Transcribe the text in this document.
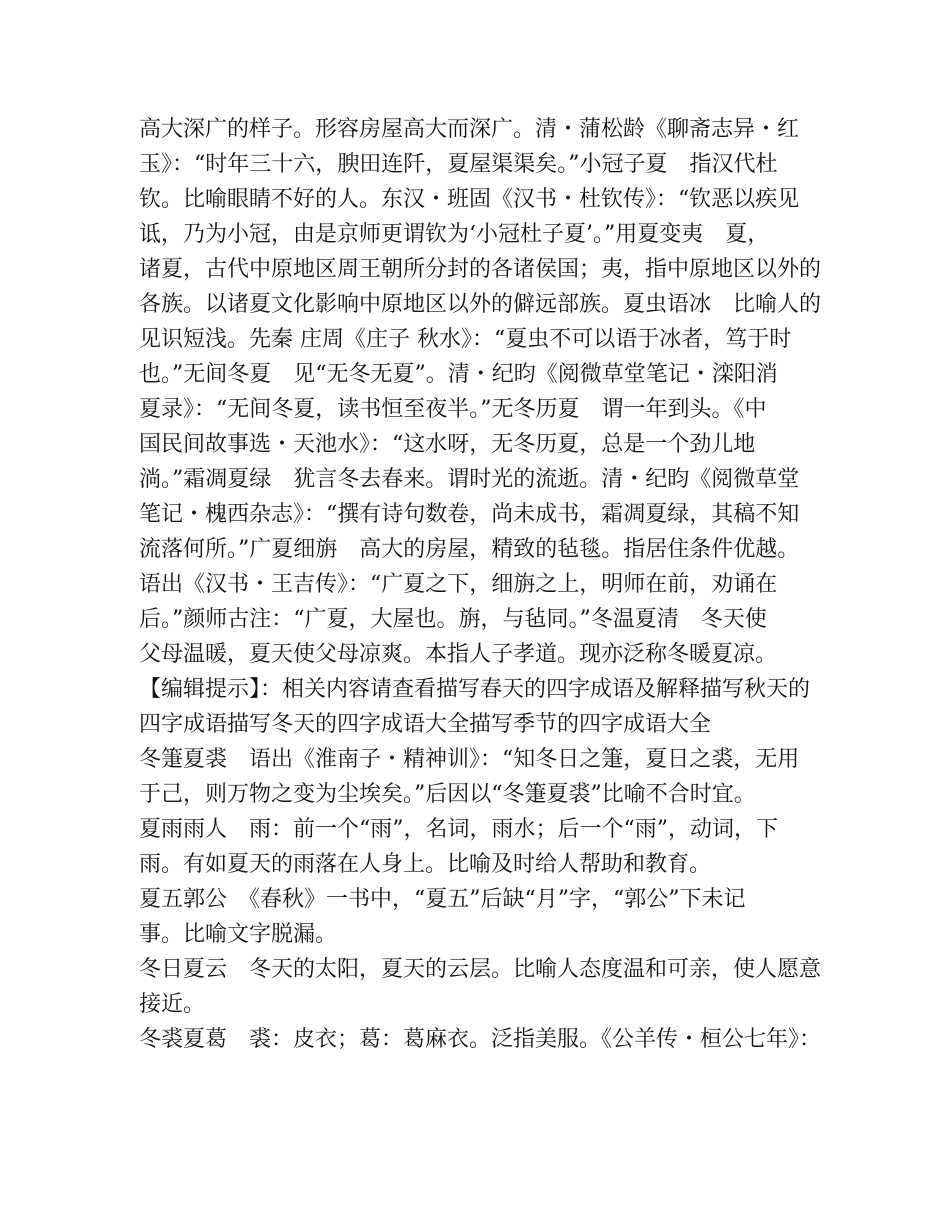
高大深广的样子。形容房屋高大而深广。清・蒲松龄《聊斋志异・红
玉》：“时年三十六，腴田连阡，夏屋渠渠矣。”小冠子夏　指汉代杜
钦。比喻眼睛不好的人。东汉・班固《汉书・杜钦传》：“钦恶以疾见
诋，乃为小冠，由是京师更谓钦为‘小冠杜子夏’。”用夏变夷　夏，
诸夏，古代中原地区周王朝所分封的各诸侯国；夷，指中原地区以外的
各族。以诸夏文化影响中原地区以外的僻远部族。夏虫语冰　比喻人的
见识短浅。先秦 庄周《庄子 秋水》：“夏虫不可以语于冰者，笃于时
也。”无间冬夏　见“无冬无夏”。清・纪昀《阅微草堂笔记・滦阳消
夏录》：“无间冬夏，读书恒至夜半。”无冬历夏　谓一年到头。《中
国民间故事选・天池水》：“这水呀，无冬历夏，总是一个劲儿地
淌。”霜凋夏绿　犹言冬去春来。谓时光的流逝。清・纪昀《阅微草堂
笔记・槐西杂志》：“撰有诗句数卷，尚未成书，霜凋夏绿，其稿不知
流落何所。”广夏细旃　高大的房屋，精致的毡毯。指居住条件优越。
语出《汉书・王吉传》：“广夏之下，细旃之上，明师在前，劝诵在
后。”颜师古注：“广夏，大屋也。旃，与毡同。”冬温夏清　冬天使
父母温暖，夏天使父母凉爽。本指人子孝道。现亦泛称冬暖夏凉。
【编辑提示】：相关内容请查看描写春天的四字成语及解释描写秋天的
四字成语描写冬天的四字成语大全描写季节的四字成语大全
冬箑夏裘　语出《淮南子・精神训》：“知冬日之箑，夏日之裘，无用
于己，则万物之变为尘埃矣。”后因以“冬箑夏裘”比喻不合时宜。
夏雨雨人　雨：前一个“雨”，名词，雨水；后一个“雨”，动词，下
雨。有如夏天的雨落在人身上。比喻及时给人帮助和教育。
夏五郭公　《春秋》一书中，“夏五”后缺“月”字，“郭公”下未记
事。比喻文字脱漏。
冬日夏云　冬天的太阳，夏天的云层。比喻人态度温和可亲，使人愿意
接近。
冬裘夏葛　裘：皮衣；葛：葛麻衣。泛指美服。《公羊传・桓公七年》：
